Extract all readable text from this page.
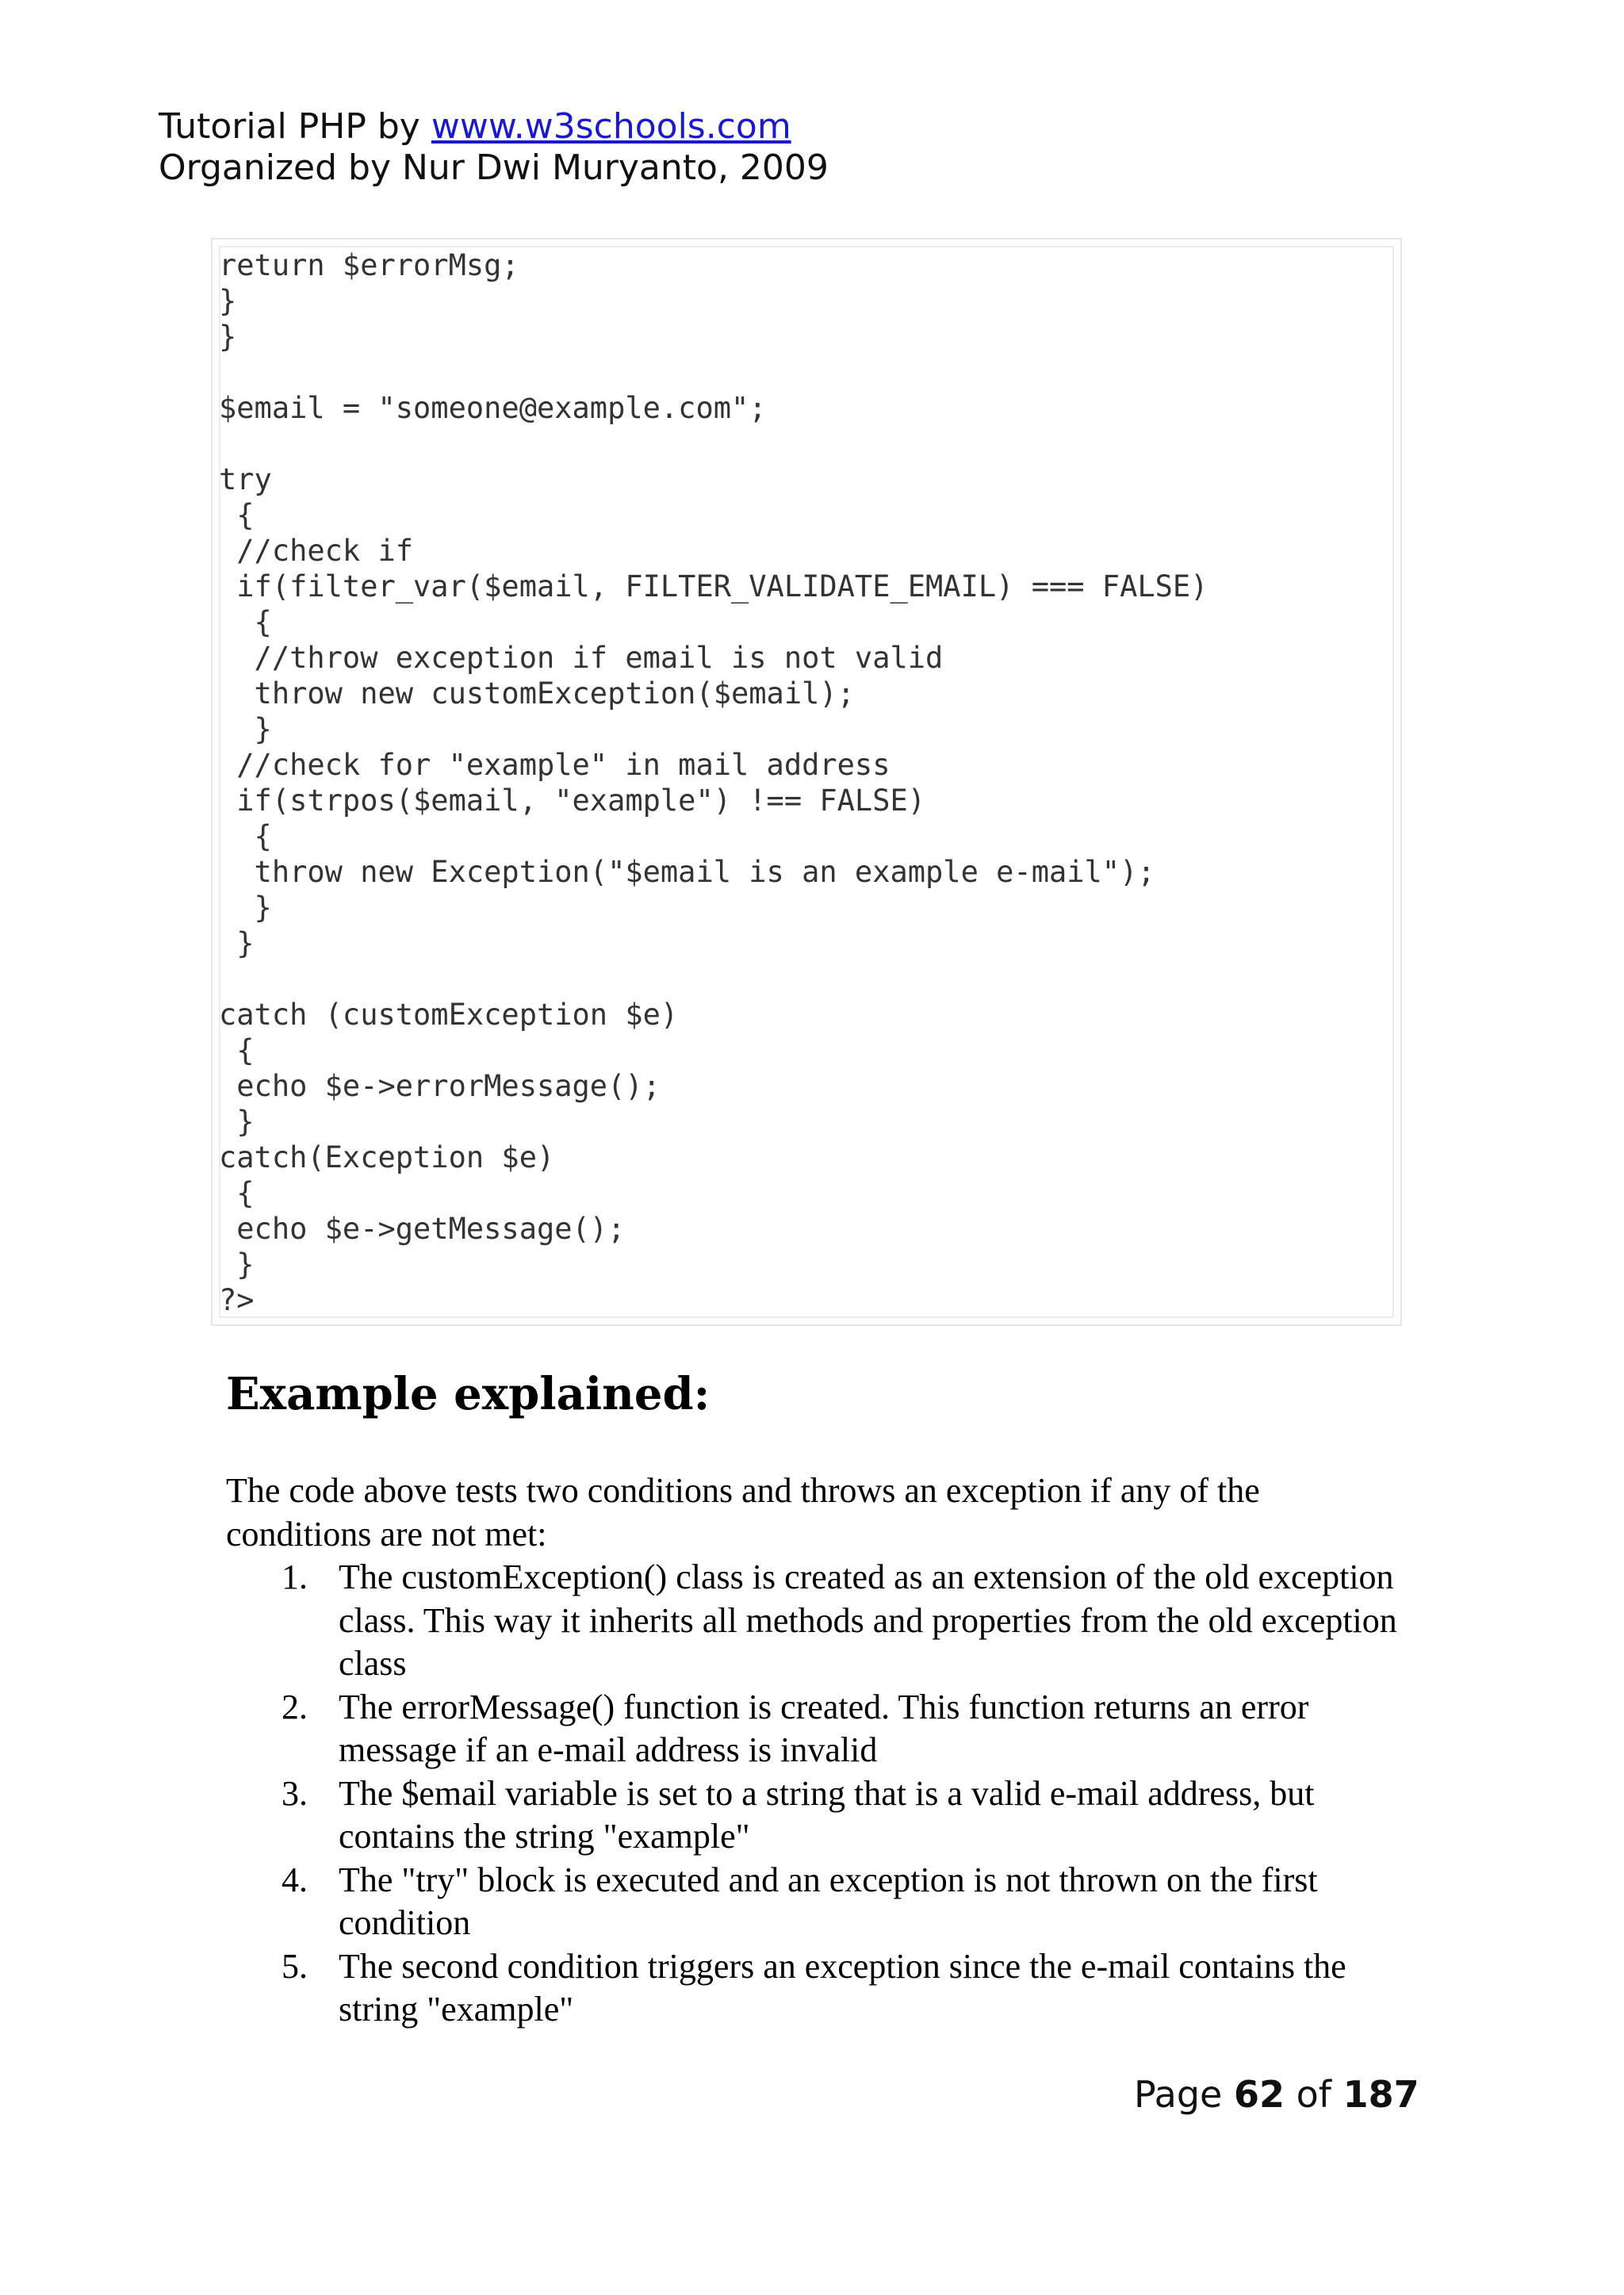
Tutorial PHP by www.w3schools.com
Organized by Nur Dwi Muryanto, 2009
return $errorMsg;
}
}

$email = "someone@example.com";

try
{
//check if
if(filter_var($email, FILTER_VALIDATE_EMAIL) === FALSE)
{
//throw exception if email is not valid
throw new customException($email);
}
//check for "example" in mail address
if(strpos($email, "example") !== FALSE)
{
throw new Exception("$email is an example e-mail");
}
}

catch (customException $e)
{
echo $e->errorMessage();
}
catch(Exception $e)
{
echo $e->getMessage();
}
?>
Example explained:

The code above tests two conditions and throws an exception if any of the conditions are not met:

1. The customException() class is created as an extension of the old exception class. This way it inherits all methods and properties from the old exception class
2. The errorMessage() function is created. This function returns an error message if an e-mail address is invalid
3. The $email variable is set to a string that is a valid e-mail address, but contains the string "example"
4. The "try" block is executed and an exception is not thrown on the first condition
5. The second condition triggers an exception since the e-mail contains the string "example"
Page 62 of 187
